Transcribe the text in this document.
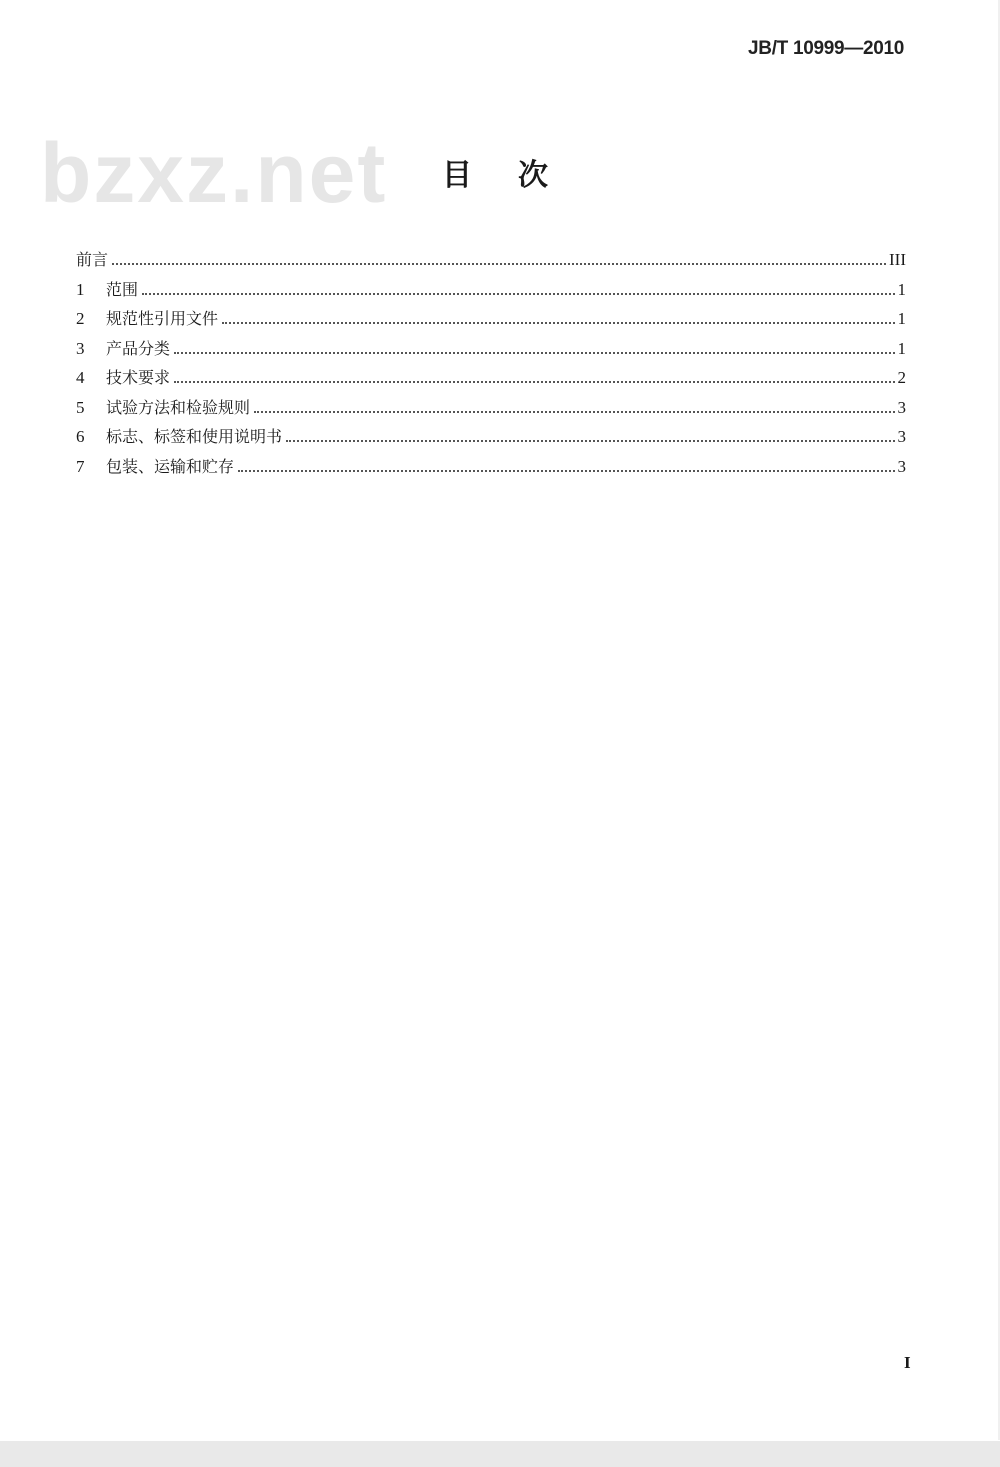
JB/T 10999—2010
bzxz.net	目次
前言	III
1	范围	1
2	规范性引用文件	1
3	产品分类	1
4	技术要求	2
5	试验方法和检验规则	3
6	标志、标签和使用说明书	3
7	包装、运输和贮存	3
I
